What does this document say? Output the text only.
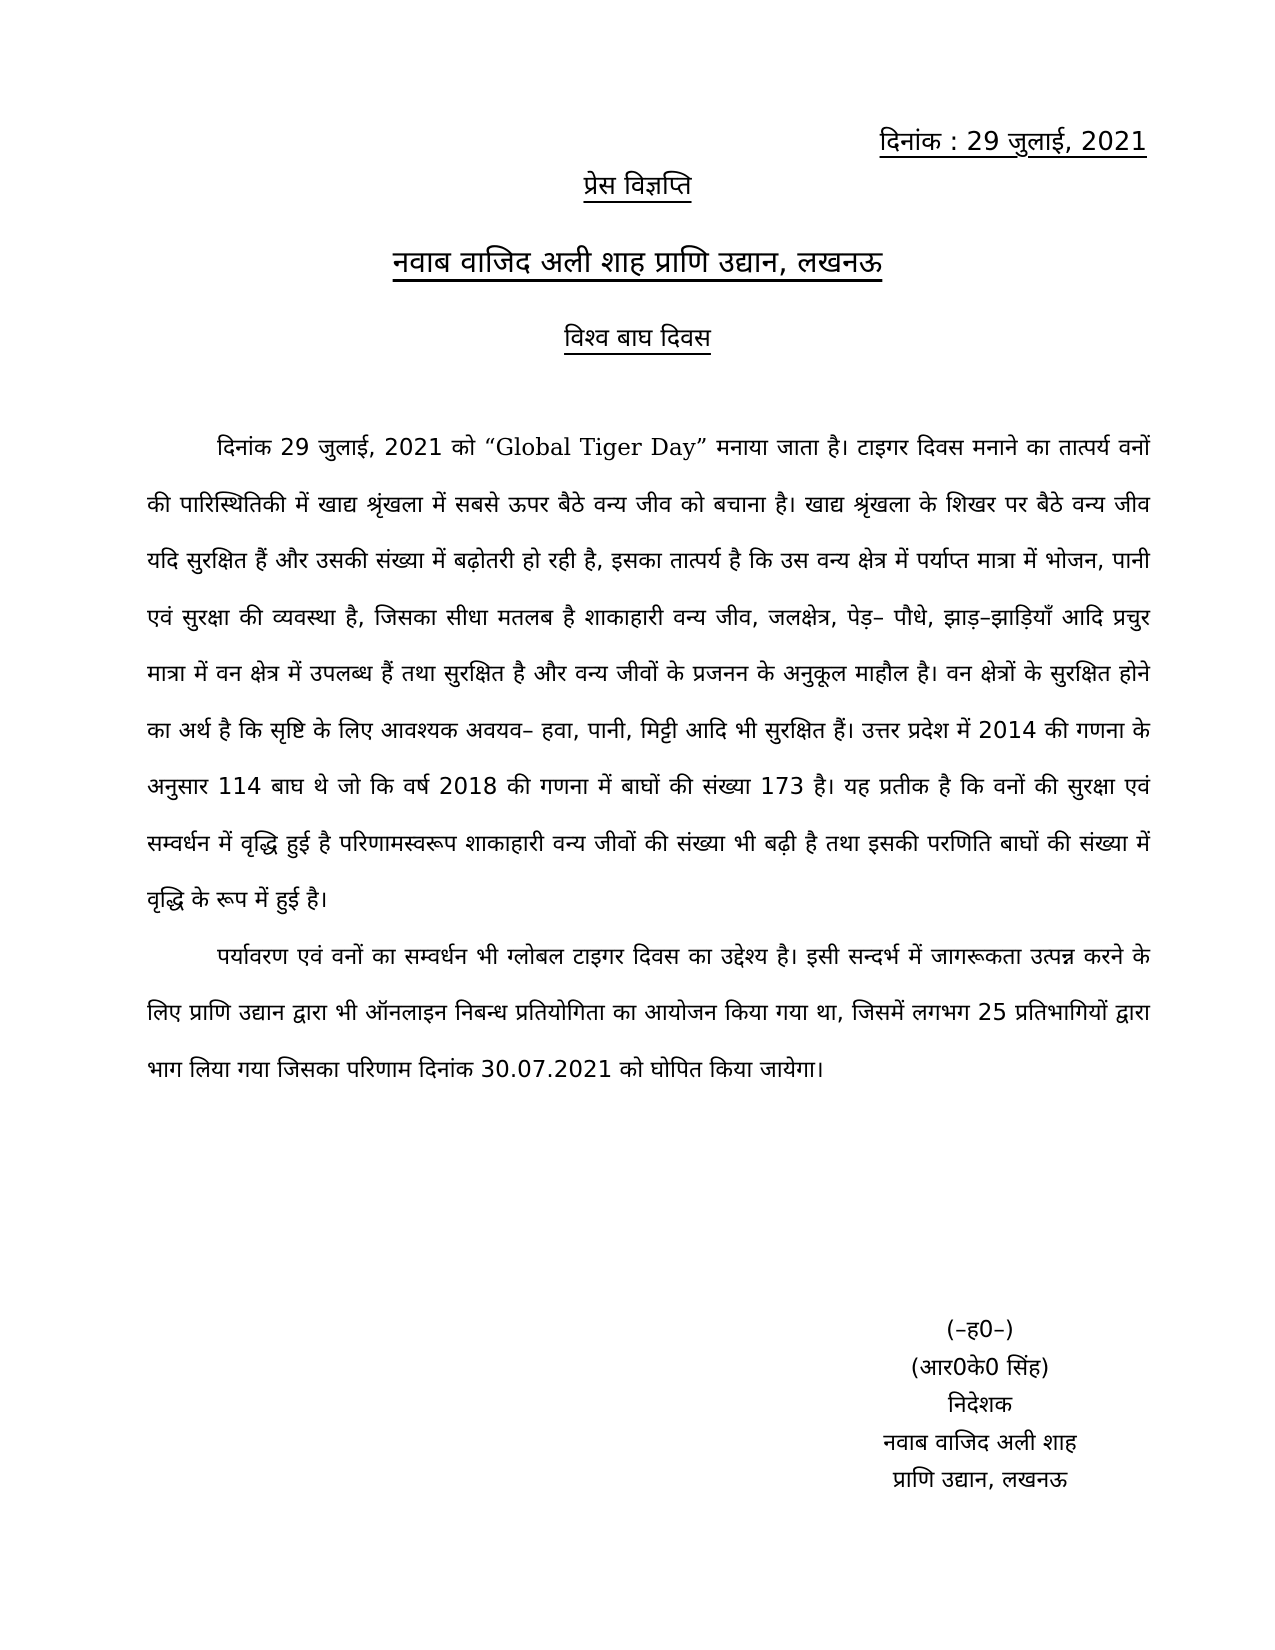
दिनांक : 29 जुलाई, 2021
प्रेस विज्ञप्ति
नवाब वाजिद अली शाह प्राणि उद्यान, लखनऊ
विश्व बाघ दिवस

दिनांक 29 जुलाई, 2021 को “Global Tiger Day” मनाया जाता है। टाइगर दिवस मनाने का तात्पर्य वनों की पारिस्थितिकी में खाद्य श्रृंखला में सबसे ऊपर बैठे वन्य जीव को बचाना है। खाद्य श्रृंखला के शिखर पर बैठे वन्य जीव यदि सुरक्षित हैं और उसकी संख्या में बढ़ोतरी हो रही है, इसका तात्पर्य है कि उस वन्य क्षेत्र में पर्याप्त मात्रा में भोजन, पानी एवं सुरक्षा की व्यवस्था है, जिसका सीधा मतलब है शाकाहारी वन्य जीव, जलक्षेत्र, पेड़– पौधे, झाड़–झाड़ियाँ आदि प्रचुर मात्रा में वन क्षेत्र में उपलब्ध हैं तथा सुरक्षित है और वन्य जीवों के प्रजनन के अनुकूल माहौल है। वन क्षेत्रों के सुरक्षित होने का अर्थ है कि सृष्टि के लिए आवश्यक अवयव– हवा, पानी, मिट्टी आदि भी सुरक्षित हैं। उत्तर प्रदेश में 2014 की गणना के अनुसार 114 बाघ थे जो कि वर्ष 2018 की गणना में बाघों की संख्या 173 है। यह प्रतीक है कि वनों की सुरक्षा एवं सम्वर्धन में वृद्धि हुई है परिणामस्वरूप शाकाहारी वन्य जीवों की संख्या भी बढ़ी है तथा इसकी परणिति बाघों की संख्या में वृद्धि के रूप में हुई है।

पर्यावरण एवं वनों का सम्वर्धन भी ग्लोबल टाइगर दिवस का उद्देश्य है। इसी सन्दर्भ में जागरूकता उत्पन्न करने के लिए प्राणि उद्यान द्वारा भी ऑनलाइन निबन्ध प्रतियोगिता का आयोजन किया गया था, जिसमें लगभग 25 प्रतिभागियों द्वारा भाग लिया गया जिसका परिणाम दिनांक 30.07.2021 को घोपित किया जायेगा।

(–ह0–)
(आर0के0 सिंह)
निदेशक
नवाब वाजिद अली शाह
प्राणि उद्यान, लखनऊ
